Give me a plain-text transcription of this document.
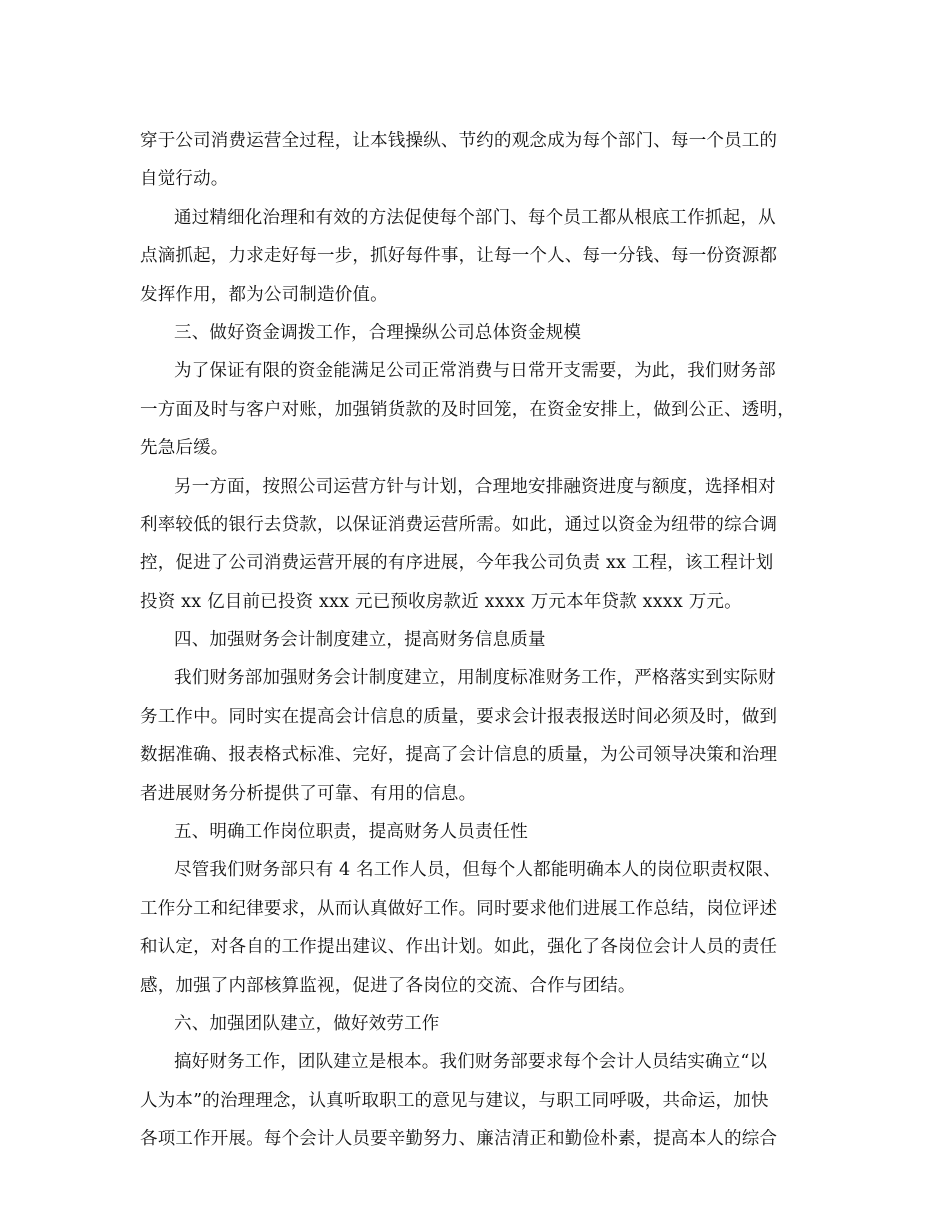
穿于公司消费运营全过程，让本钱操纵、节约的观念成为每个部门、每一个员工的
自觉行动。
通过精细化治理和有效的方法促使每个部门、每个员工都从根底工作抓起，从
点滴抓起，力求走好每一步，抓好每件事，让每一个人、每一分钱、每一份资源都
发挥作用，都为公司制造价值。
三、做好资金调拨工作，合理操纵公司总体资金规模
为了保证有限的资金能满足公司正常消费与日常开支需要，为此，我们财务部
一方面及时与客户对账，加强销货款的及时回笼，在资金安排上，做到公正、透明，
先急后缓。
另一方面，按照公司运营方针与计划，合理地安排融资进度与额度，选择相对
利率较低的银行去贷款，以保证消费运营所需。如此，通过以资金为纽带的综合调
控，促进了公司消费运营开展的有序进展，今年我公司负责 xx 工程，该工程计划
投资 xx 亿目前已投资 xxx 元已预收房款近 xxxx 万元本年贷款 xxxx 万元。
四、加强财务会计制度建立，提高财务信息质量
我们财务部加强财务会计制度建立，用制度标准财务工作，严格落实到实际财
务工作中。同时实在提高会计信息的质量，要求会计报表报送时间必须及时，做到
数据准确、报表格式标准、完好，提高了会计信息的质量，为公司领导决策和治理
者进展财务分析提供了可靠、有用的信息。
五、明确工作岗位职责，提高财务人员责任性
尽管我们财务部只有 4 名工作人员，但每个人都能明确本人的岗位职责权限、
工作分工和纪律要求，从而认真做好工作。同时要求他们进展工作总结，岗位评述
和认定，对各自的工作提出建议、作出计划。如此，强化了各岗位会计人员的责任
感，加强了内部核算监视，促进了各岗位的交流、合作与团结。
六、加强团队建立，做好效劳工作
搞好财务工作，团队建立是根本。我们财务部要求每个会计人员结实确立“以
人为本”的治理理念，认真听取职工的意见与建议，与职工同呼吸，共命运，加快
各项工作开展。每个会计人员要辛勤努力、廉洁清正和勤俭朴素，提高本人的综合
